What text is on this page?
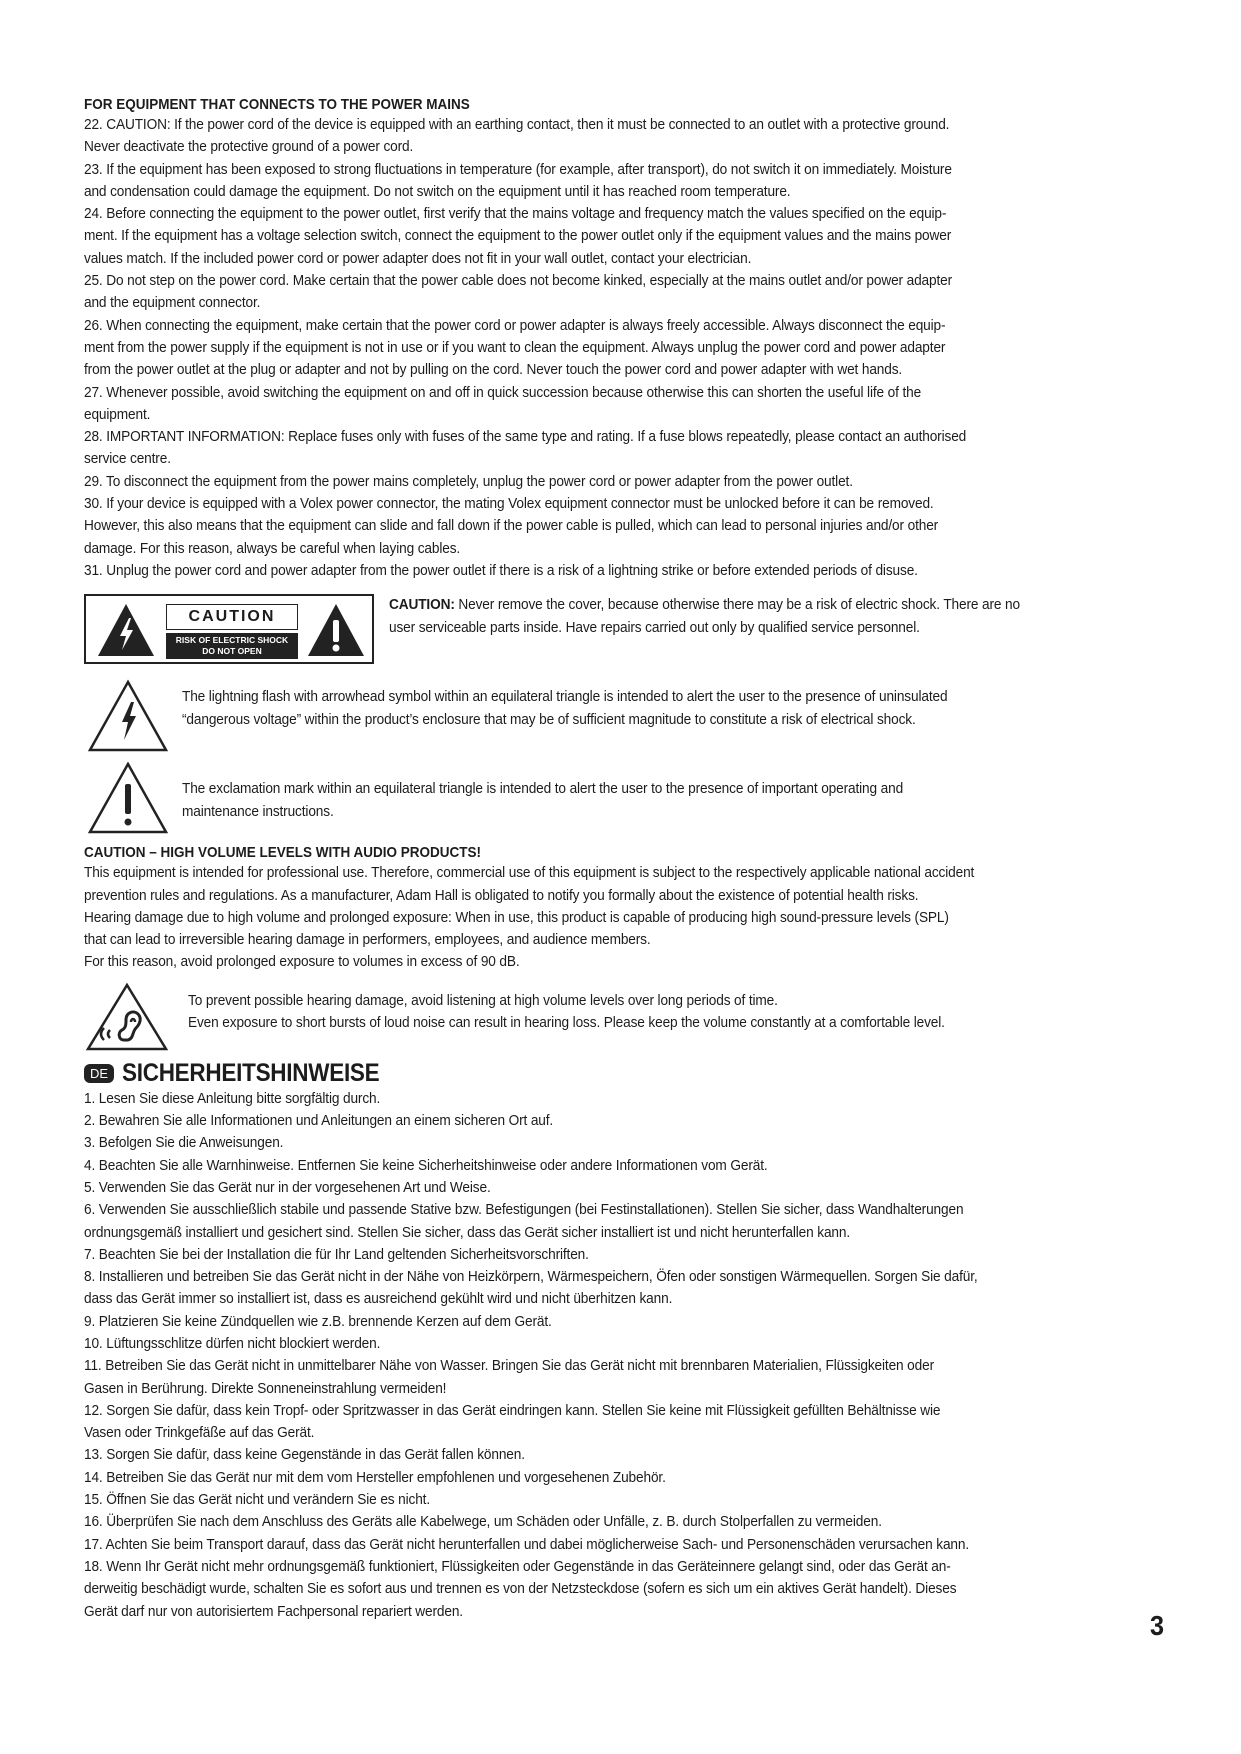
FOR EQUIPMENT THAT CONNECTS TO THE POWER MAINS

22. CAUTION: If the power cord of the device is equipped with an earthing contact, then it must be connected to an outlet with a protective ground.

Never deactivate the protective ground of a power cord.

23. If the equipment has been exposed to strong fluctuations in temperature (for example, after transport), do not switch it on immediately. Moisture

and condensation could damage the equipment. Do not switch on the equipment until it has reached room temperature.

24. Before connecting the equipment to the power outlet, first verify that the mains voltage and frequency match the values specified on the equip-

ment. If the equipment has a voltage selection switch, connect the equipment to the power outlet only if the equipment values and the mains power

values match. If the included power cord or power adapter does not fit in your wall outlet, contact your electrician.

25. Do not step on the power cord. Make certain that the power cable does not become kinked, especially at the mains outlet and/or power adapter

and the equipment connector.

26. When connecting the equipment, make certain that the power cord or power adapter is always freely accessible. Always disconnect the equip-

ment from the power supply if the equipment is not in use or if you want to clean the equipment. Always unplug the power cord and power adapter

from the power outlet at the plug or adapter and not by pulling on the cord. Never touch the power cord and power adapter with wet hands.

27. Whenever possible, avoid switching the equipment on and off in quick succession because otherwise this can shorten the useful life of the

equipment.

28. IMPORTANT INFORMATION: Replace fuses only with fuses of the same type and rating. If a fuse blows repeatedly, please contact an authorised

service centre.

29. To disconnect the equipment from the power mains completely, unplug the power cord or power adapter from the power outlet.

30. If your device is equipped with a Volex power connector, the mating Volex equipment connector must be unlocked before it can be removed.

However, this also means that the equipment can slide and fall down if the power cable is pulled, which can lead to personal injuries and/or other

damage. For this reason, always be careful when laying cables.

31. Unplug the power cord and power adapter from the power outlet if there is a risk of a lightning strike or before extended periods of disuse.

CAUTION
RISK OF ELECTRIC SHOCK
DO NOT OPEN

CAUTION: Never remove the cover, because otherwise there may be a risk of electric shock. There are no

user serviceable parts inside. Have repairs carried out only by qualified service personnel.

The lightning flash with arrowhead symbol within an equilateral triangle is intended to alert the user to the presence of uninsulated

“dangerous voltage” within the product’s enclosure that may be of sufficient magnitude to constitute a risk of electrical shock.

The exclamation mark within an equilateral triangle is intended to alert the user to the presence of important operating and

maintenance instructions.

CAUTION – HIGH VOLUME LEVELS WITH AUDIO PRODUCTS!

This equipment is intended for professional use. Therefore, commercial use of this equipment is subject to the respectively applicable national accident

prevention rules and regulations. As a manufacturer, Adam Hall is obligated to notify you formally about the existence of potential health risks.

Hearing damage due to high volume and prolonged exposure: When in use, this product is capable of producing high sound-pressure levels (SPL)

that can lead to irreversible hearing damage in performers, employees, and audience members.

For this reason, avoid prolonged exposure to volumes in excess of 90 dB.

To prevent possible hearing damage, avoid listening at high volume levels over long periods of time.

Even exposure to short bursts of loud noise can result in hearing loss. Please keep the volume constantly at a comfortable level.

DE SICHERHEITSHINWEISE

1. Lesen Sie diese Anleitung bitte sorgfältig durch.

2. Bewahren Sie alle Informationen und Anleitungen an einem sicheren Ort auf.

3. Befolgen Sie die Anweisungen.

4. Beachten Sie alle Warnhinweise. Entfernen Sie keine Sicherheitshinweise oder andere Informationen vom Gerät.

5. Verwenden Sie das Gerät nur in der vorgesehenen Art und Weise.

6. Verwenden Sie ausschließlich stabile und passende Stative bzw. Befestigungen (bei Festinstallationen). Stellen Sie sicher, dass Wandhalterungen

ordnungsgemäß installiert und gesichert sind. Stellen Sie sicher, dass das Gerät sicher installiert ist und nicht herunterfallen kann.

7. Beachten Sie bei der Installation die für Ihr Land geltenden Sicherheitsvorschriften.

8. Installieren und betreiben Sie das Gerät nicht in der Nähe von Heizkörpern, Wärmespeichern, Öfen oder sonstigen Wärmequellen. Sorgen Sie dafür,

dass das Gerät immer so installiert ist, dass es ausreichend gekühlt wird und nicht überhitzen kann.

9. Platzieren Sie keine Zündquellen wie z.B. brennende Kerzen auf dem Gerät.

10. Lüftungsschlitze dürfen nicht blockiert werden.

11. Betreiben Sie das Gerät nicht in unmittelbarer Nähe von Wasser. Bringen Sie das Gerät nicht mit brennbaren Materialien, Flüssigkeiten oder

Gasen in Berührung. Direkte Sonneneinstrahlung vermeiden!

12. Sorgen Sie dafür, dass kein Tropf- oder Spritzwasser in das Gerät eindringen kann. Stellen Sie keine mit Flüssigkeit gefüllten Behältnisse wie

Vasen oder Trinkgefäße auf das Gerät.

13. Sorgen Sie dafür, dass keine Gegenstände in das Gerät fallen können.

14. Betreiben Sie das Gerät nur mit dem vom Hersteller empfohlenen und vorgesehenen Zubehör.

15. Öffnen Sie das Gerät nicht und verändern Sie es nicht.

16. Überprüfen Sie nach dem Anschluss des Geräts alle Kabelwege, um Schäden oder Unfälle, z. B. durch Stolperfallen zu vermeiden.

17. Achten Sie beim Transport darauf, dass das Gerät nicht herunterfallen und dabei möglicherweise Sach- und Personenschäden verursachen kann.

18. Wenn Ihr Gerät nicht mehr ordnungsgemäß funktioniert, Flüssigkeiten oder Gegenstände in das Geräteinnere gelangt sind, oder das Gerät an-

derweitig beschädigt wurde, schalten Sie es sofort aus und trennen es von der Netzsteckdose (sofern es sich um ein aktives Gerät handelt). Dieses

Gerät darf nur von autorisiertem Fachpersonal repariert werden.	3
